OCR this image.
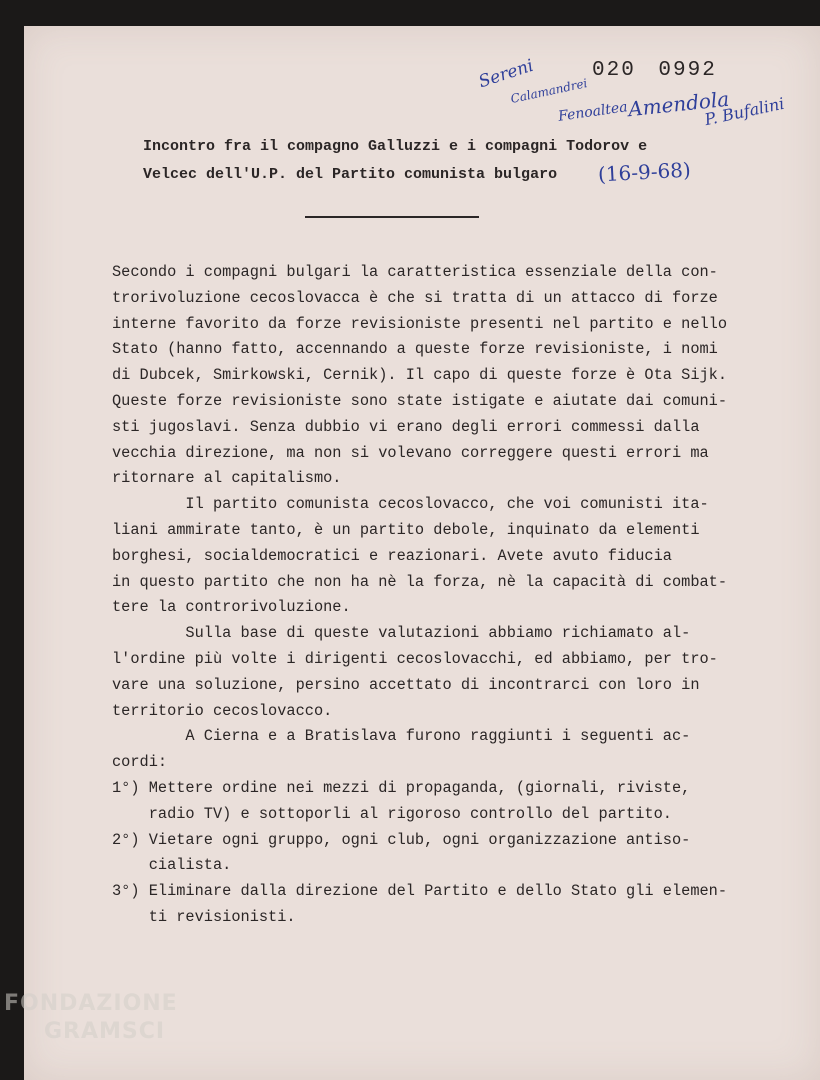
020 0992
Sereni
Calamandrei
Fenoaltea
Amendola
P. Bufalini
(16-9-68)
Incontro fra il compagno Galluzzi e i compagni Todorov e
Velcec dell'U.P. del Partito comunista bulgaro
Secondo i compagni bulgari la caratteristica essenziale della con-
trorivoluzione cecoslovacca è che si tratta di un attacco di forze
interne favorito da forze revisioniste presenti nel partito e nello
Stato (hanno fatto, accennando a queste forze revisioniste, i nomi
di Dubcek, Smirkowski, Cernik). Il capo di queste forze è Ota Sijk.
Queste forze revisioniste sono state istigate e aiutate dai comuni-
sti jugoslavi. Senza dubbio vi erano degli errori commessi dalla
vecchia direzione, ma non si volevano correggere questi errori ma
ritornare al capitalismo.
Il partito comunista cecoslovacco, che voi comunisti ita-
liani ammirate tanto, è un partito debole, inquinato da elementi
borghesi, socialdemocratici e reazionari. Avete avuto fiducia
in questo partito che non ha nè la forza, nè la capacità di combat-
tere la controrivoluzione.
Sulla base di queste valutazioni abbiamo richiamato al-
l'ordine più volte i dirigenti cecoslovacchi, ed abbiamo, per tro-
vare una soluzione, persino accettato di incontrarci con loro in
territorio cecoslovacco.
A Cierna e a Bratislava furono raggiunti i seguenti ac-
cordi:
1°) Mettere ordine nei mezzi di propaganda, (giornali, riviste,
radio TV) e sottoporli al rigoroso controllo del partito.
2°) Vietare ogni gruppo, ogni club, ogni organizzazione antiso-
cialista.
3°) Eliminare dalla direzione del Partito e dello Stato gli elemen-
ti revisionisti.
FONDAZIONE
GRAMSCI
